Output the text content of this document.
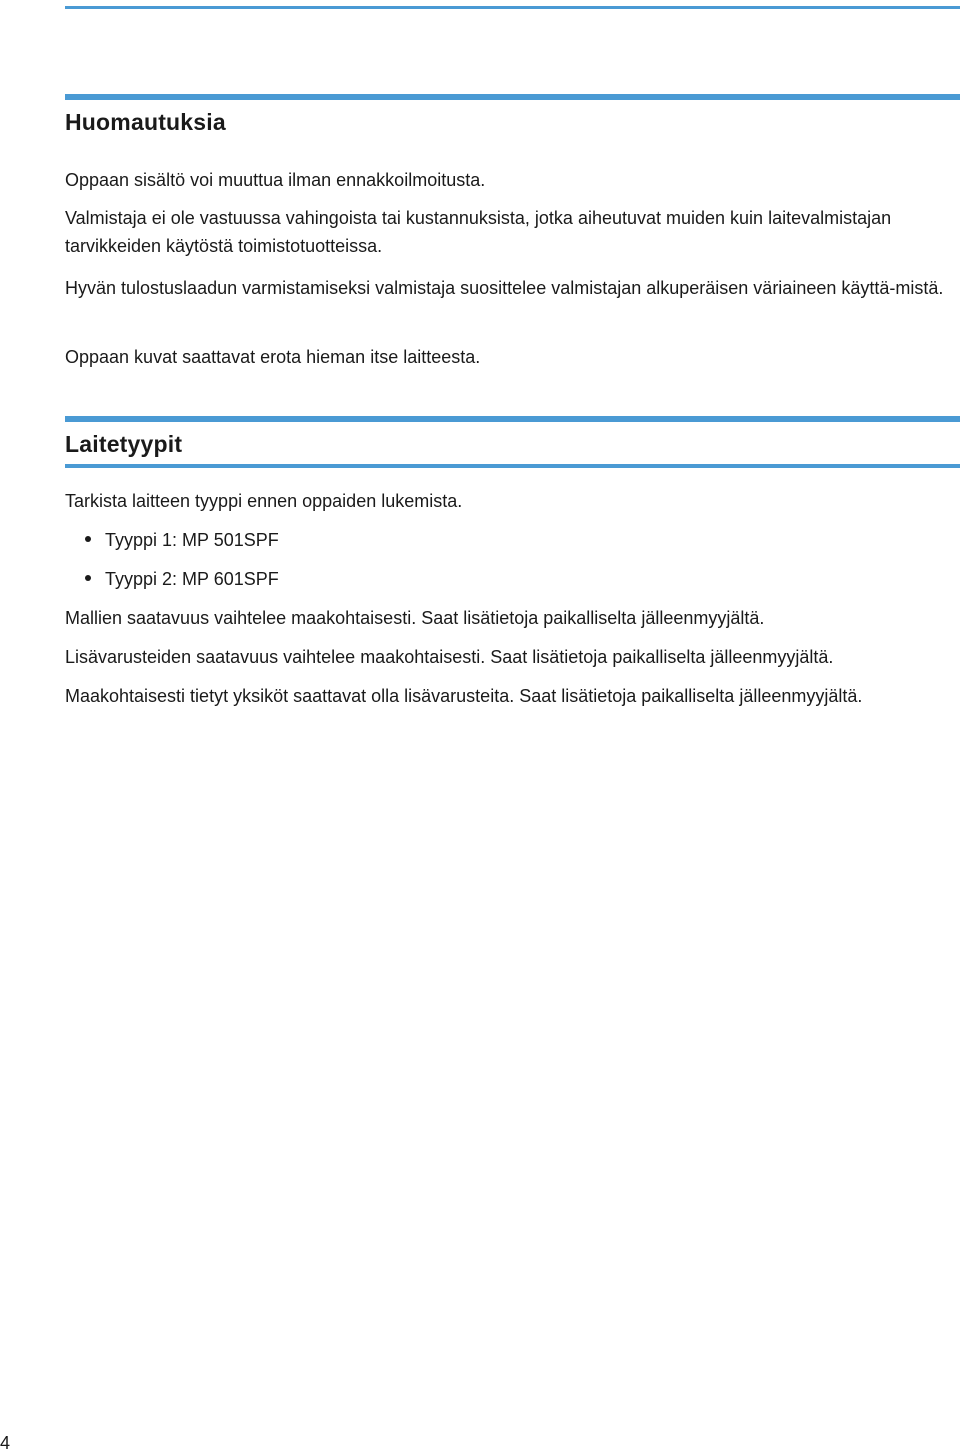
Huomautuksia

Oppaan sisältö voi muuttua ilman ennakkoilmoitusta.

Valmistaja ei ole vastuussa vahingoista tai kustannuksista, jotka aiheutuvat muiden kuin laitevalmistajan tarvikkeiden käytöstä toimistotuotteissa.

Hyvän tulostuslaadun varmistamiseksi valmistaja suosittelee valmistajan alkuperäisen väriaineen käyttä-mistä.

Oppaan kuvat saattavat erota hieman itse laitteesta.

Laitetyypit

Tarkista laitteen tyyppi ennen oppaiden lukemista.

Tyyppi 1: MP 501SPF
Tyyppi 2: MP 601SPF

Mallien saatavuus vaihtelee maakohtaisesti. Saat lisätietoja paikalliselta jälleenmyyjältä.

Lisävarusteiden saatavuus vaihtelee maakohtaisesti. Saat lisätietoja paikalliselta jälleenmyyjältä.

Maakohtaisesti tietyt yksiköt saattavat olla lisävarusteita. Saat lisätietoja paikalliselta jälleenmyyjältä.

4
